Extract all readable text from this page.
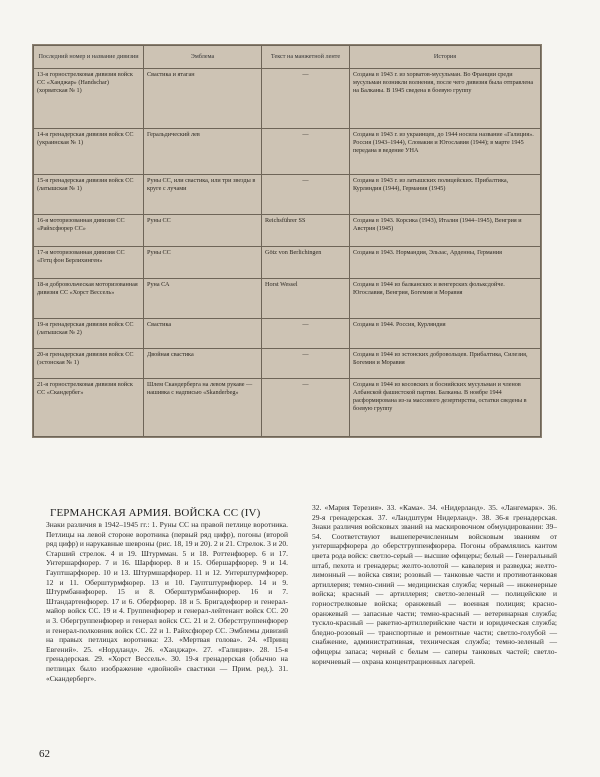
Последний номер и название дивизии	Эмблема	Текст на манжетной ленте	История
13-я горнострелковая дивизия войск СС «Ханджар» (Handschar) (хорватская № 1)	Свастика и ятаган	—	Создана в 1943 г. из хорватов-мусульман. Во Франции среди мусульман возникли волнения, после чего дивизия была отправлена на Балканы. В 1945 сведена в боевую группу
14-я гренадерская дивизия войск СС (украинская № 1)	Геральдический лев	—	Создана в 1943 г. из украинцев, до 1944 носила название «Галиция». Россия (1943–1944), Словакия и Югославия (1944); в марте 1945 передана в ведение УНА
15-я гренадерская дивизия войск СС (латышская № 1)	Руны СС, или свастика, или три звезды в круге с лучами	—	Создана в 1943 г. из латышских полицейских. Прибалтика, Курляндия (1944), Германия (1945)
16-я моторизованная дивизия СС «Райхсфюрер СС»	Руны СС	Reichsführer SS	Создана в 1943. Корсика (1943), Италия (1944–1945), Венгрия и Австрия (1945)
17-я моторизованная дивизия СС «Гетц фон Берлихинген»	Руны СС	Götz von Berlichingen	Создана в 1943. Нормандия, Эльзас, Арденны, Германия
18-я добровольческая моторизованная дивизия СС «Хорст Вессель»	Руна СА	Horst Wessel	Создана в 1944 из балканских и венгерских фольксдойче. Югославия, Венгрия, Богемия и Моравия
19-я гренадерская дивизия войск СС (латышская № 2)	Свастика	—	Создана в 1944. Россия, Курляндия
20-я гренадерская дивизия войск СС (эстонская № 1)	Двойная свастика	—	Создана в 1944 из эстонских добровольцев. Прибалтика, Силезия, Богемия и Моравия
21-я горнострелковая дивизия войск СС «Скандербег»	Шлем Скандерберга на левом рукаве — нашивка с надписью «Skanderbeg»	—	Создана в 1944 из косовских и боснийских мусульман и членов Албанской фашистской партии. Балканы. В ноябре 1944 расформирована из-за массового дезертирства, остатки сведены в боевую группу
ГЕРМАНСКАЯ АРМИЯ. ВОЙСКА СС (IV)

Знаки различия в 1942–1945 гг.: 1. Руны СС на правой петлице воротника. Петлицы на левой стороне воротника (первый ряд цифр), погоны (второй ряд цифр) и нарукавные шевроны (рис. 18, 19 и 20). 2 и 21. Стрелок. 3 и 20. Старший стрелок. 4 и 19. Штурмман. 5 и 18. Роттенфюрер. 6 и 17. Унтершарфюрер. 7 и 16. Шарфюрер. 8 и 15. Обершарфюрер. 9 и 14. Гауптшарфюрер. 10 и 13. Штурмшарфюрер. 11 и 12. Унтерштурмфюрер. 12 и 11. Оберштурмфюрер. 13 и 10. Гауптштурмфюрер. 14 и 9. Штурмбаннфюрер. 15 и 8. Оберштурмбаннфюрер. 16 и 7. Штандартенфюрер. 17 и 6. Оберфюрер. 18 и 5. Бригадефюрер и генерал-майор войск СС. 19 и 4. Группенфюрер и генерал-лейтенант войск СС. 20 и 3. Обергруппенфюрер и генерал войск СС. 21 и 2. Оберстгруппенфюрер и генерал-полковник войск СС. 22 и 1. Райхсфюрер СС. Эмблемы дивизий на правых петлицах воротника: 23. «Мертвая голова». 24. «Принц Евгений». 25. «Нордланд». 26. «Ханджар». 27. «Галиция». 28. 15-я гренадерская. 29. «Хорст Вессель». 30. 19-я гренадерская (обычно на петлицах было изображение «двойной» свастики — Прим. ред.). 31. «Скандерберг».

32. «Мария Терезия». 33. «Кама». 34. «Нидерланд». 35. «Лангемарк». 36. 29-я гренадерская. 37. «Ландштурм Нидерланд». 38. 36-я гренадерская. Знаки различия войсковых званий на маскировочном обмундировании: 39–54. Соответствуют вышеперечисленным войсковым званиям от унтершарфюрера до оберстгруппенфюрера. Погоны обрамлялись кантом цвета рода войск: светло-серый — высшие офицеры; белый — Генеральный штаб, пехота и гренадеры; желто-золотой — кавалерия и разведка; желто-лимонный — войска связи; розовый — танковые части и противотанковая артиллерия; темно-синий — медицинская служба; черный — инженерные войска; красный — артиллерия; светло-зеленый — полицейские и горнострелковые войска; оранжевый — военная полиция; красно-оранжевый — запасные части; темно-красный — ветеринарная служба; тускло-красный — ракетно-артиллерийские части и юридическая служба; бледно-розовый — транспортные и ремонтные части; светло-голубой — снабжение, административная, техническая служба; темно-зеленый — офицеры запаса; черный с белым — саперы танковых частей; светло-коричневый — охрана концентрационных лагерей.

62
